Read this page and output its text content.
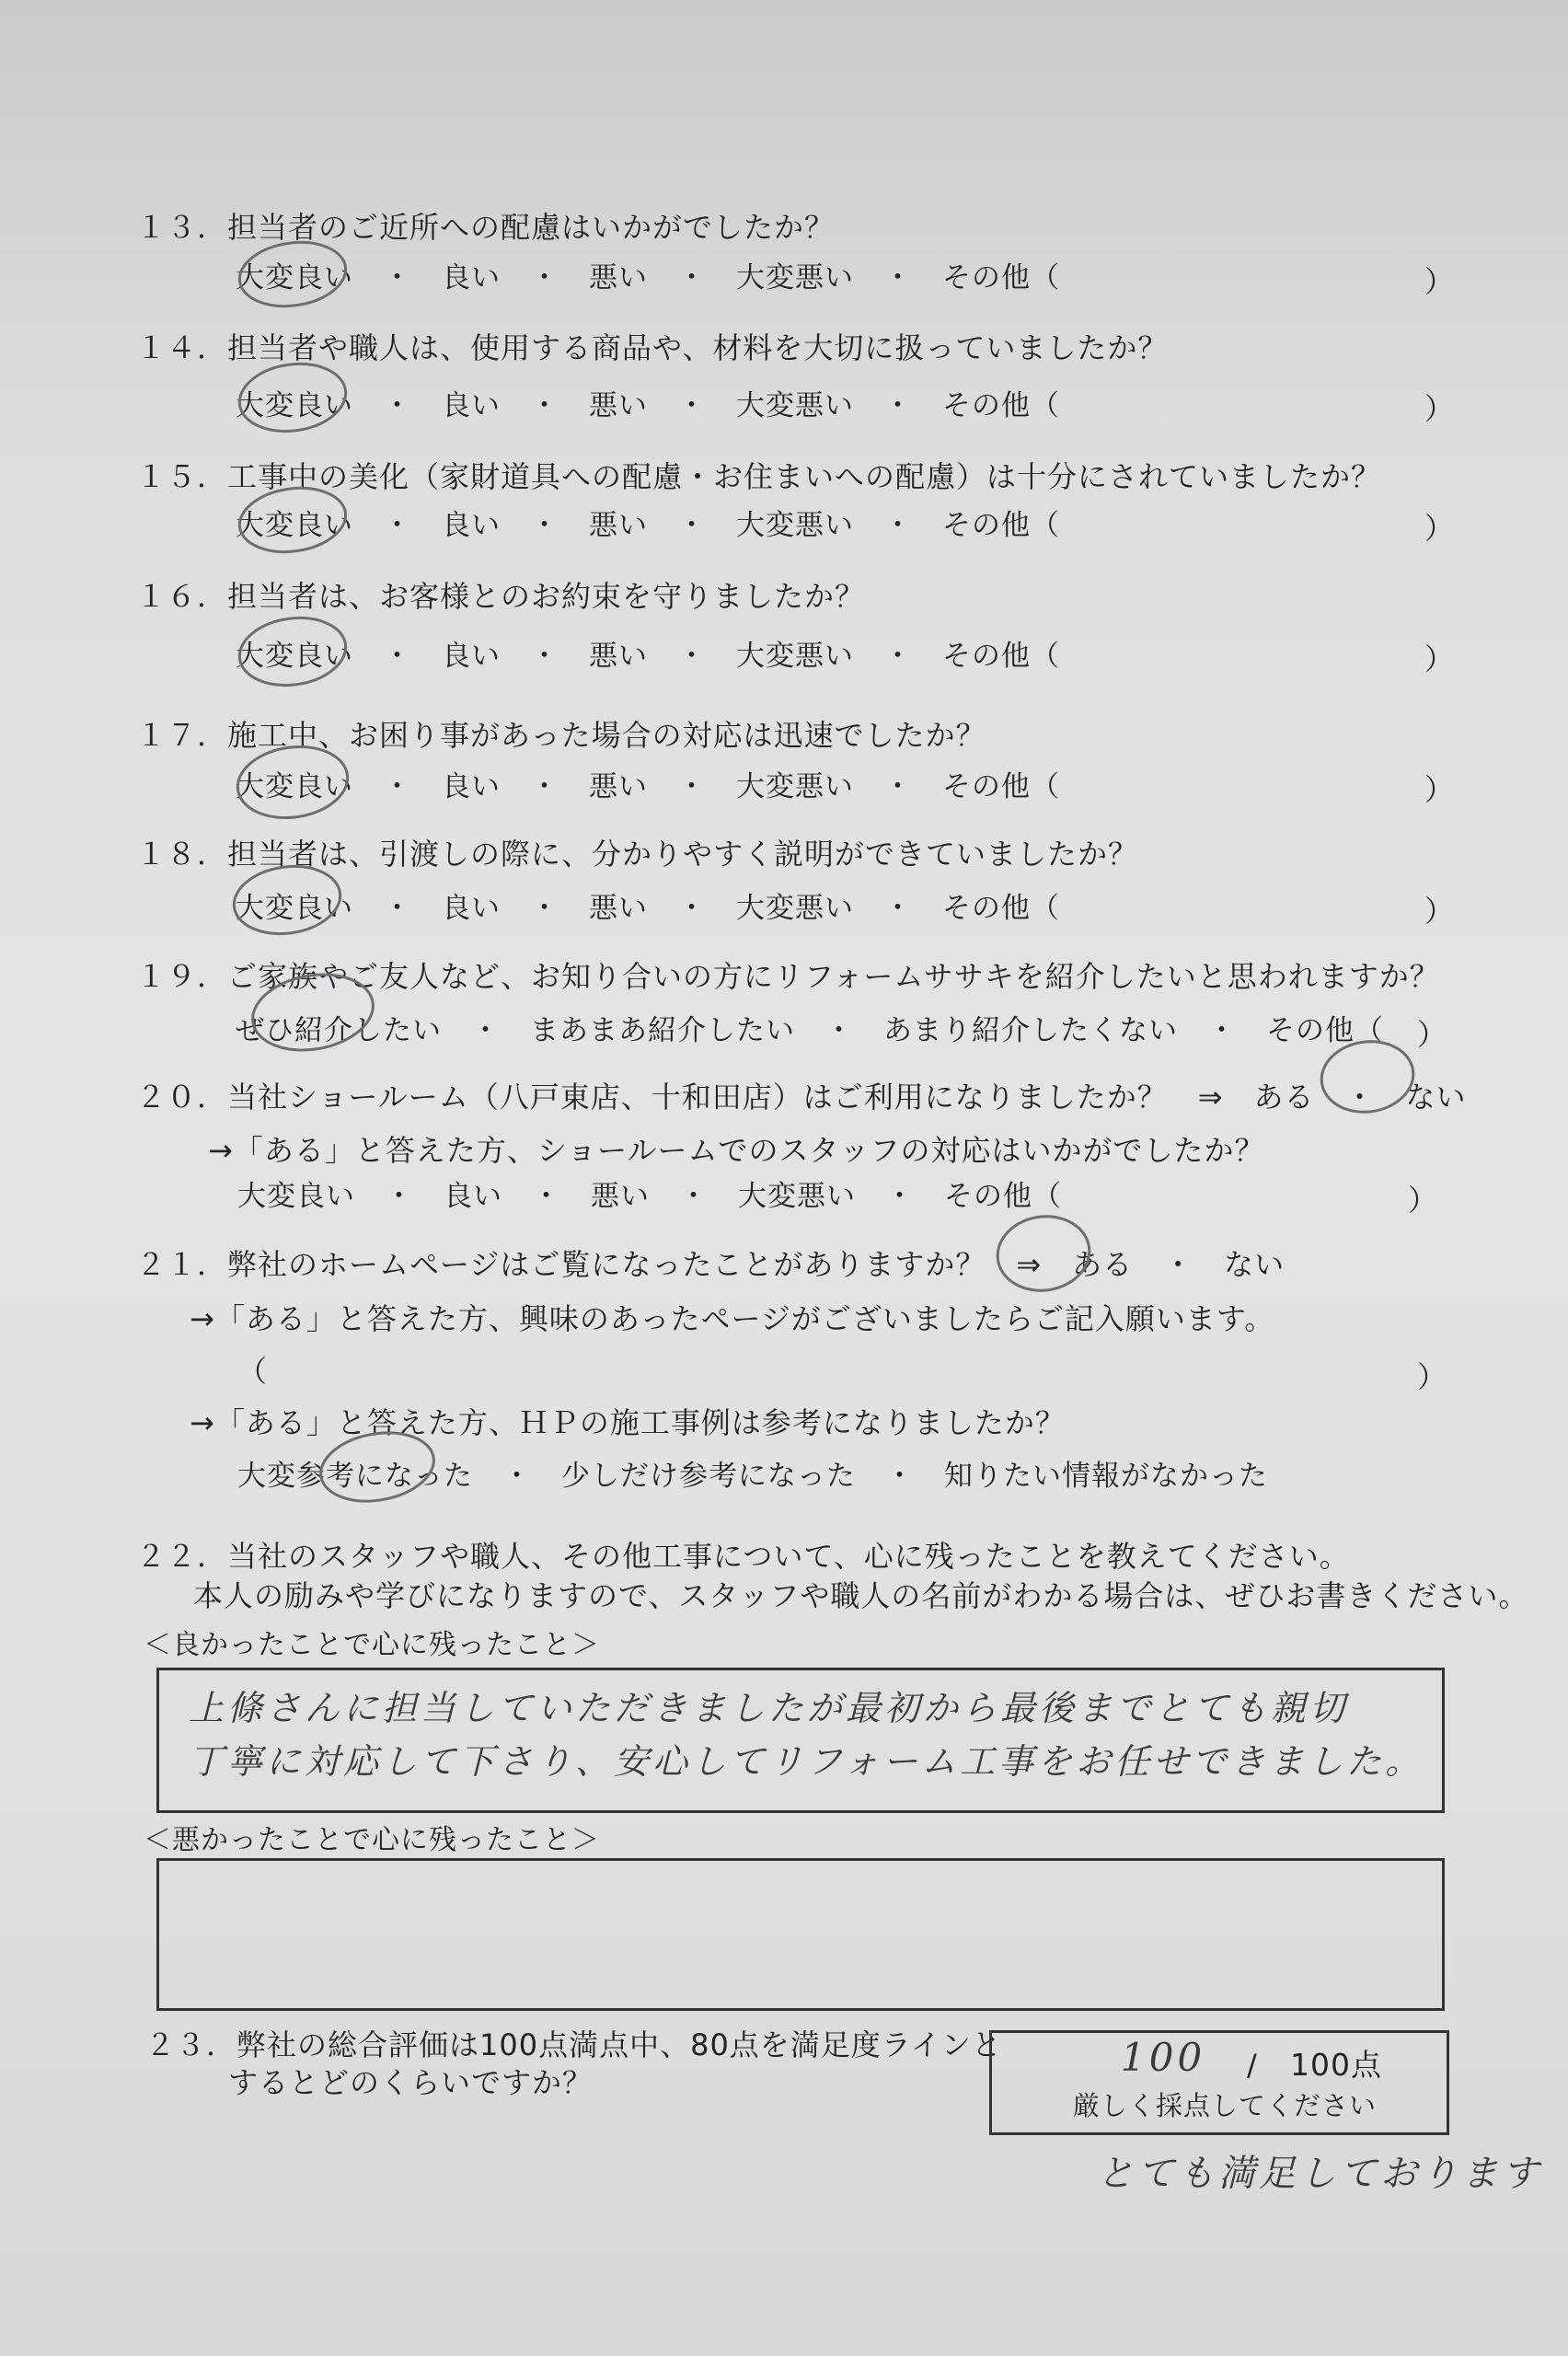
１３．担当者のご近所への配慮はいかがでしたか？
大変良い　・　良い　・　悪い　・　大変悪い　・　その他（	）
１４．担当者や職人は、使用する商品や、材料を大切に扱っていましたか？
大変良い　・　良い　・　悪い　・　大変悪い　・　その他（	）
１５．工事中の美化（家財道具への配慮・お住まいへの配慮）は十分にされていましたか？
大変良い　・　良い　・　悪い　・　大変悪い　・　その他（	）
１６．担当者は、お客様とのお約束を守りましたか？
大変良い　・　良い　・　悪い　・　大変悪い　・　その他（	）
１７．施工中、お困り事があった場合の対応は迅速でしたか？
大変良い　・　良い　・　悪い　・　大変悪い　・　その他（	）
１８．担当者は、引渡しの際に、分かりやすく説明ができていましたか？
大変良い　・　良い　・　悪い　・　大変悪い　・　その他（	）
１９．ご家族やご友人など、お知り合いの方にリフォームササキを紹介したいと思われますか？
ぜひ紹介したい　・　まあまあ紹介したい　・　あまり紹介したくない　・　その他（ ）
２０．当社ショールーム（八戸東店、十和田店）はご利用になりましたか？　⇒　ある　・　ない
→「ある」と答えた方、ショールームでのスタッフの対応はいかがでしたか？
大変良い　・　良い　・　悪い　・　大変悪い　・　その他（	）
２１．弊社のホームページはご覧になったことがありますか？　⇒　ある　・　ない
→「ある」と答えた方、興味のあったページがございましたらご記入願います。
（	）
→「ある」と答えた方、ＨＰの施工事例は参考になりましたか？
大変参考になった　・　少しだけ参考になった　・　知りたい情報がなかった
２２．当社のスタッフや職人、その他工事について、心に残ったことを教えてください。
本人の励みや学びになりますので、スタッフや職人の名前がわかる場合は、ぜひお書きください。
＜良かったことで心に残ったこと＞
上條さんに担当していただきましたが最初から最後までとても親切
丁寧に対応して下さり、安心してリフォーム工事をお任せできました。
＜悪かったことで心に残ったこと＞
２３．弊社の総合評価は100点満点中、80点を満足度ラインと
するとどのくらいですか？
100 / 100点
厳しく採点してください
とても満足しております
